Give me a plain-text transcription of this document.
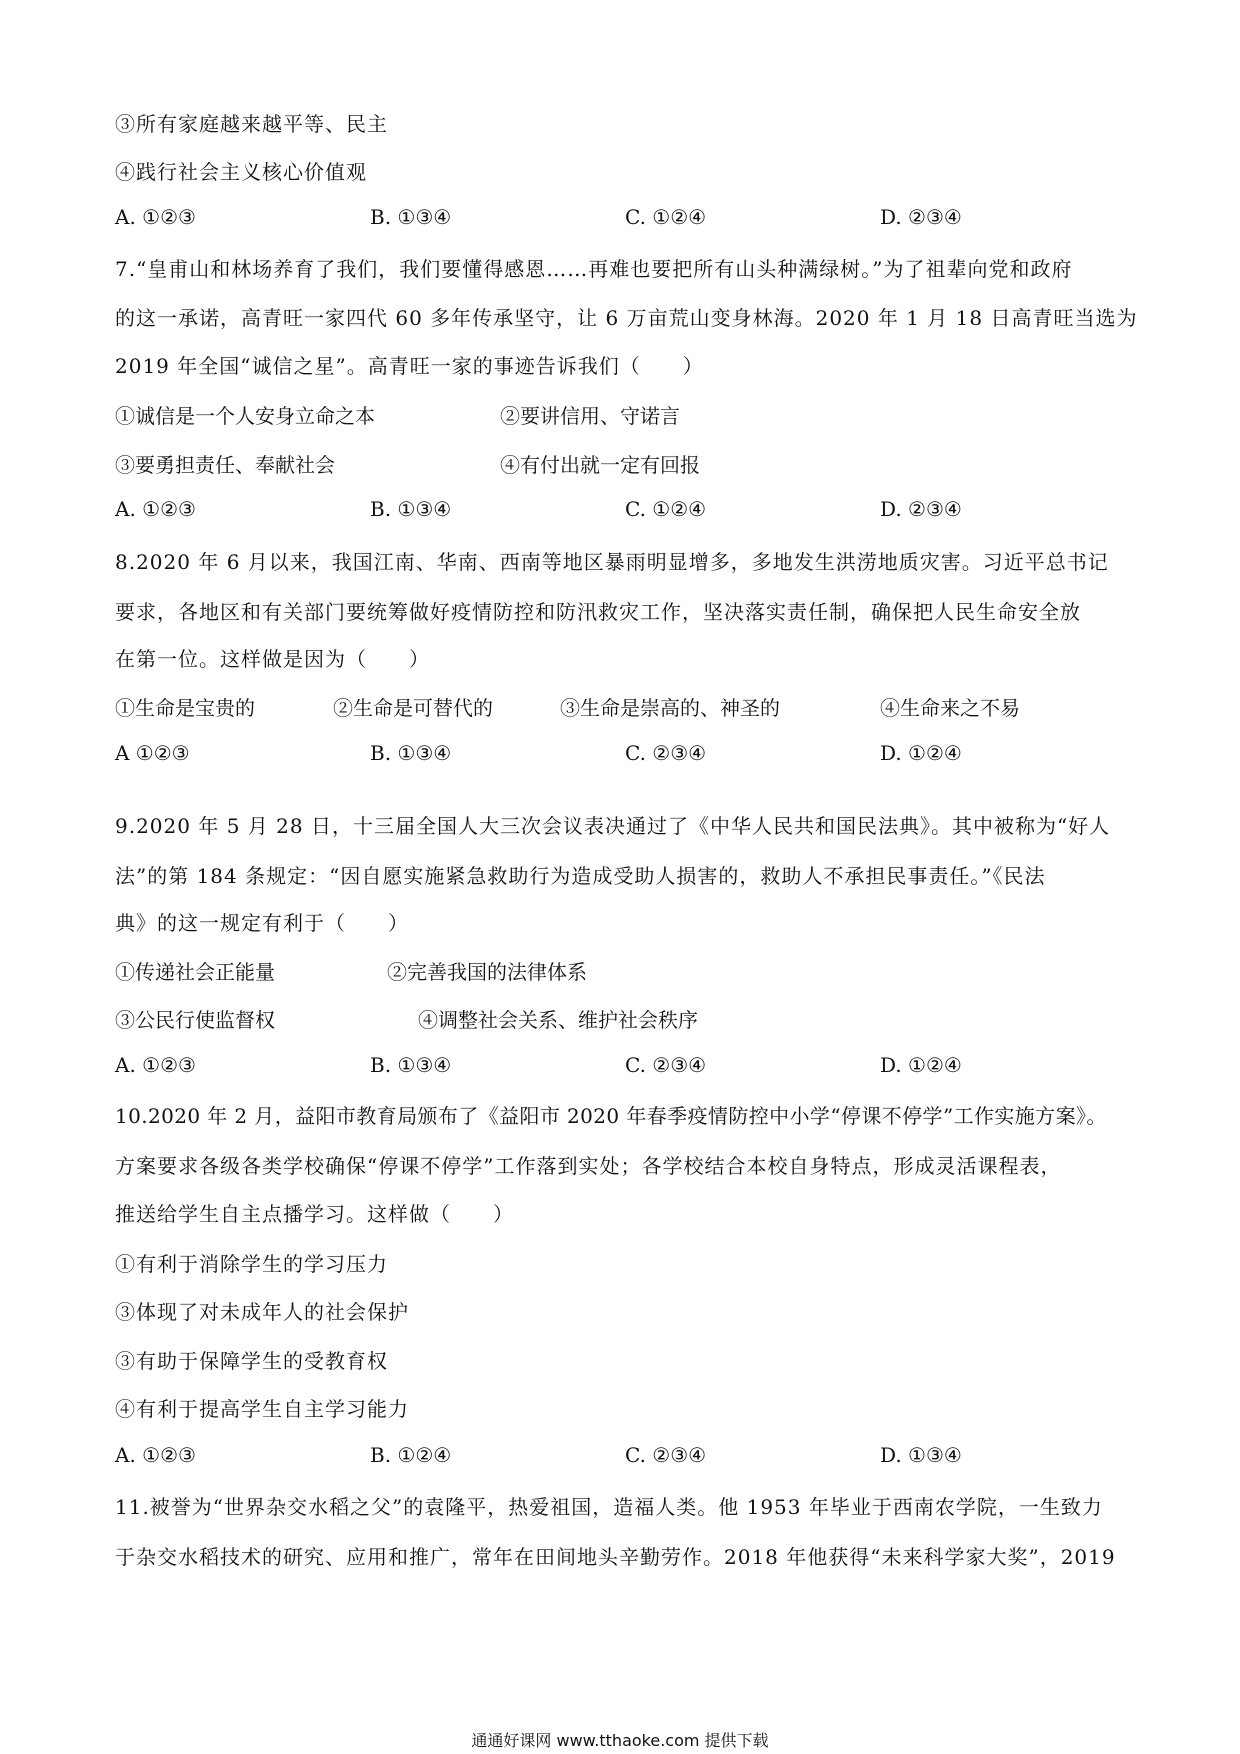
③所有家庭越来越平等、民主
④践行社会主义核心价值观
A. ①②③	B. ①③④	C. ①②④	D. ②③④
7.“皇甫山和林场养育了我们，我们要懂得感恩……再难也要把所有山头种满绿树。”为了祖辈向党和政府
的这一承诺，高青旺一家四代 60 多年传承坚守，让 6 万亩荒山变身林海。2020 年 1 月 18 日高青旺当选为
2019 年全国“诚信之星”。高青旺一家的事迹告诉我们（　　）
①诚信是一个人安身立命之本	②要讲信用、守诺言
③要勇担责任、奉献社会	④有付出就一定有回报
A. ①②③	B. ①③④	C. ①②④	D. ②③④
8.2020 年 6 月以来，我国江南、华南、西南等地区暴雨明显增多，多地发生洪涝地质灾害。习近平总书记
要求，各地区和有关部门要统筹做好疫情防控和防汛救灾工作，坚决落实责任制，确保把人民生命安全放
在第一位。这样做是因为（　　）
①生命是宝贵的	②生命是可替代的	③生命是崇高的、神圣的	④生命来之不易
A ①②③	B. ①③④	C. ②③④	D. ①②④
9.2020 年 5 月 28 日，十三届全国人大三次会议表决通过了《中华人民共和国民法典》。其中被称为“好人
法”的第 184 条规定：“因自愿实施紧急救助行为造成受助人损害的，救助人不承担民事责任。”《民法
典》的这一规定有利于（　　）
①传递社会正能量	②完善我国的法律体系
③公民行使监督权	④调整社会关系、维护社会秩序
A. ①②③	B. ①③④	C. ②③④	D. ①②④
10.2020 年 2 月，益阳市教育局颁布了《益阳市 2020 年春季疫情防控中小学“停课不停学”工作实施方案》。
方案要求各级各类学校确保“停课不停学”工作落到实处；各学校结合本校自身特点，形成灵活课程表，
推送给学生自主点播学习。这样做（　　）
①有利于消除学生的学习压力
③体现了对未成年人的社会保护
③有助于保障学生的受教育权
④有利于提高学生自主学习能力
A. ①②③	B. ①②④	C. ②③④	D. ①③④
11.被誉为“世界杂交水稻之父”的袁隆平，热爱祖国，造福人类。他 1953 年毕业于西南农学院，一生致力
于杂交水稻技术的研究、应用和推广，常年在田间地头辛勤劳作。2018 年他获得“未来科学家大奖”，2019
通通好课网 www.tthaoke.com 提供下载
